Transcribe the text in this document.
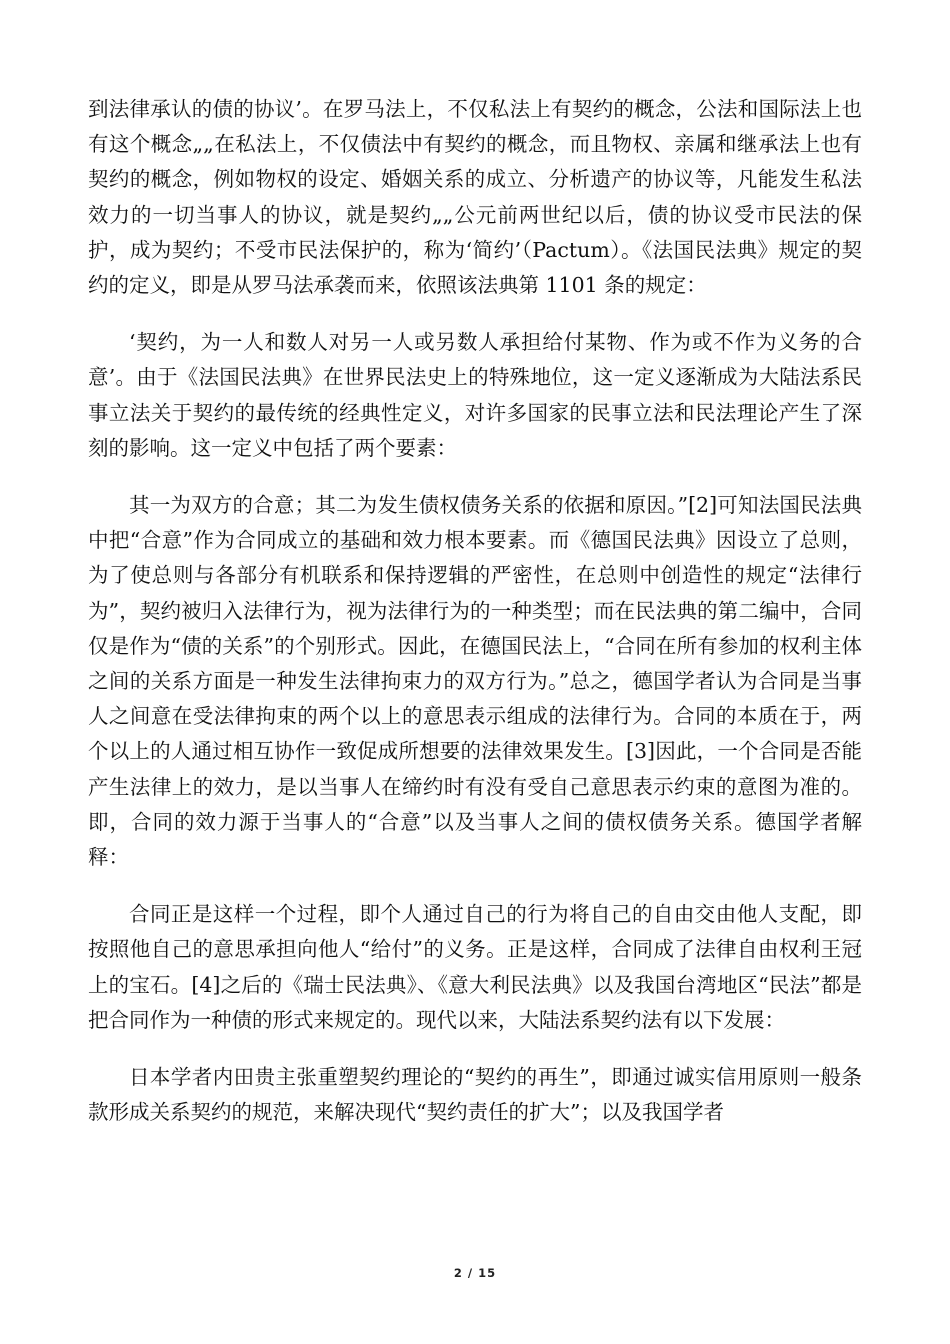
到法律承认的债的协议’。在罗马法上，不仅私法上有契约的概念，公法和国际法上也有这个概念„„在私法上，不仅债法中有契约的概念，而且物权、亲属和继承法上也有契约的概念，例如物权的设定、婚姻关系的成立、分析遗产的协议等，凡能发生私法效力的一切当事人的协议，就是契约„„公元前两世纪以后，债的协议受市民法的保护，成为契约；不受市民法保护的，称为‘简约’（Pactum）。《法国民法典》规定的契约的定义，即是从罗马法承袭而来，依照该法典第 1101 条的规定：

‘契约，为一人和数人对另一人或另数人承担给付某物、作为或不作为义务的合意’。由于《法国民法典》在世界民法史上的特殊地位，这一定义逐渐成为大陆法系民事立法关于契约的最传统的经典性定义，对许多国家的民事立法和民法理论产生了深刻的影响。这一定义中包括了两个要素：

其一为双方的合意；其二为发生债权债务关系的依据和原因。”[2]可知法国民法典中把“合意”作为合同成立的基础和效力根本要素。而《德国民法典》因设立了总则，为了使总则与各部分有机联系和保持逻辑的严密性，在总则中创造性的规定“法律行为”，契约被归入法律行为，视为法律行为的一种类型；而在民法典的第二编中，合同仅是作为“债的关系”的个别形式。因此，在德国民法上，“合同在所有参加的权利主体之间的关系方面是一种发生法律拘束力的双方行为。”总之，德国学者认为合同是当事人之间意在受法律拘束的两个以上的意思表示组成的法律行为。合同的本质在于，两个以上的人通过相互协作一致促成所想要的法律效果发生。[3]因此，一个合同是否能产生法律上的效力，是以当事人在缔约时有没有受自己意思表示约束的意图为准的。即，合同的效力源于当事人的“合意”以及当事人之间的债权债务关系。德国学者解释：

合同正是这样一个过程，即个人通过自己的行为将自己的自由交由他人支配，即按照他自己的意思承担向他人“给付”的义务。正是这样，合同成了法律自由权利王冠上的宝石。[4]之后的《瑞士民法典》、《意大利民法典》以及我国台湾地区“民法”都是把合同作为一种债的形式来规定的。现代以来，大陆法系契约法有以下发展：

日本学者内田贵主张重塑契约理论的“契约的再生”，即通过诚实信用原则一般条款形成关系契约的规范，来解决现代“契约责任的扩大”；以及我国学者

2 / 15
